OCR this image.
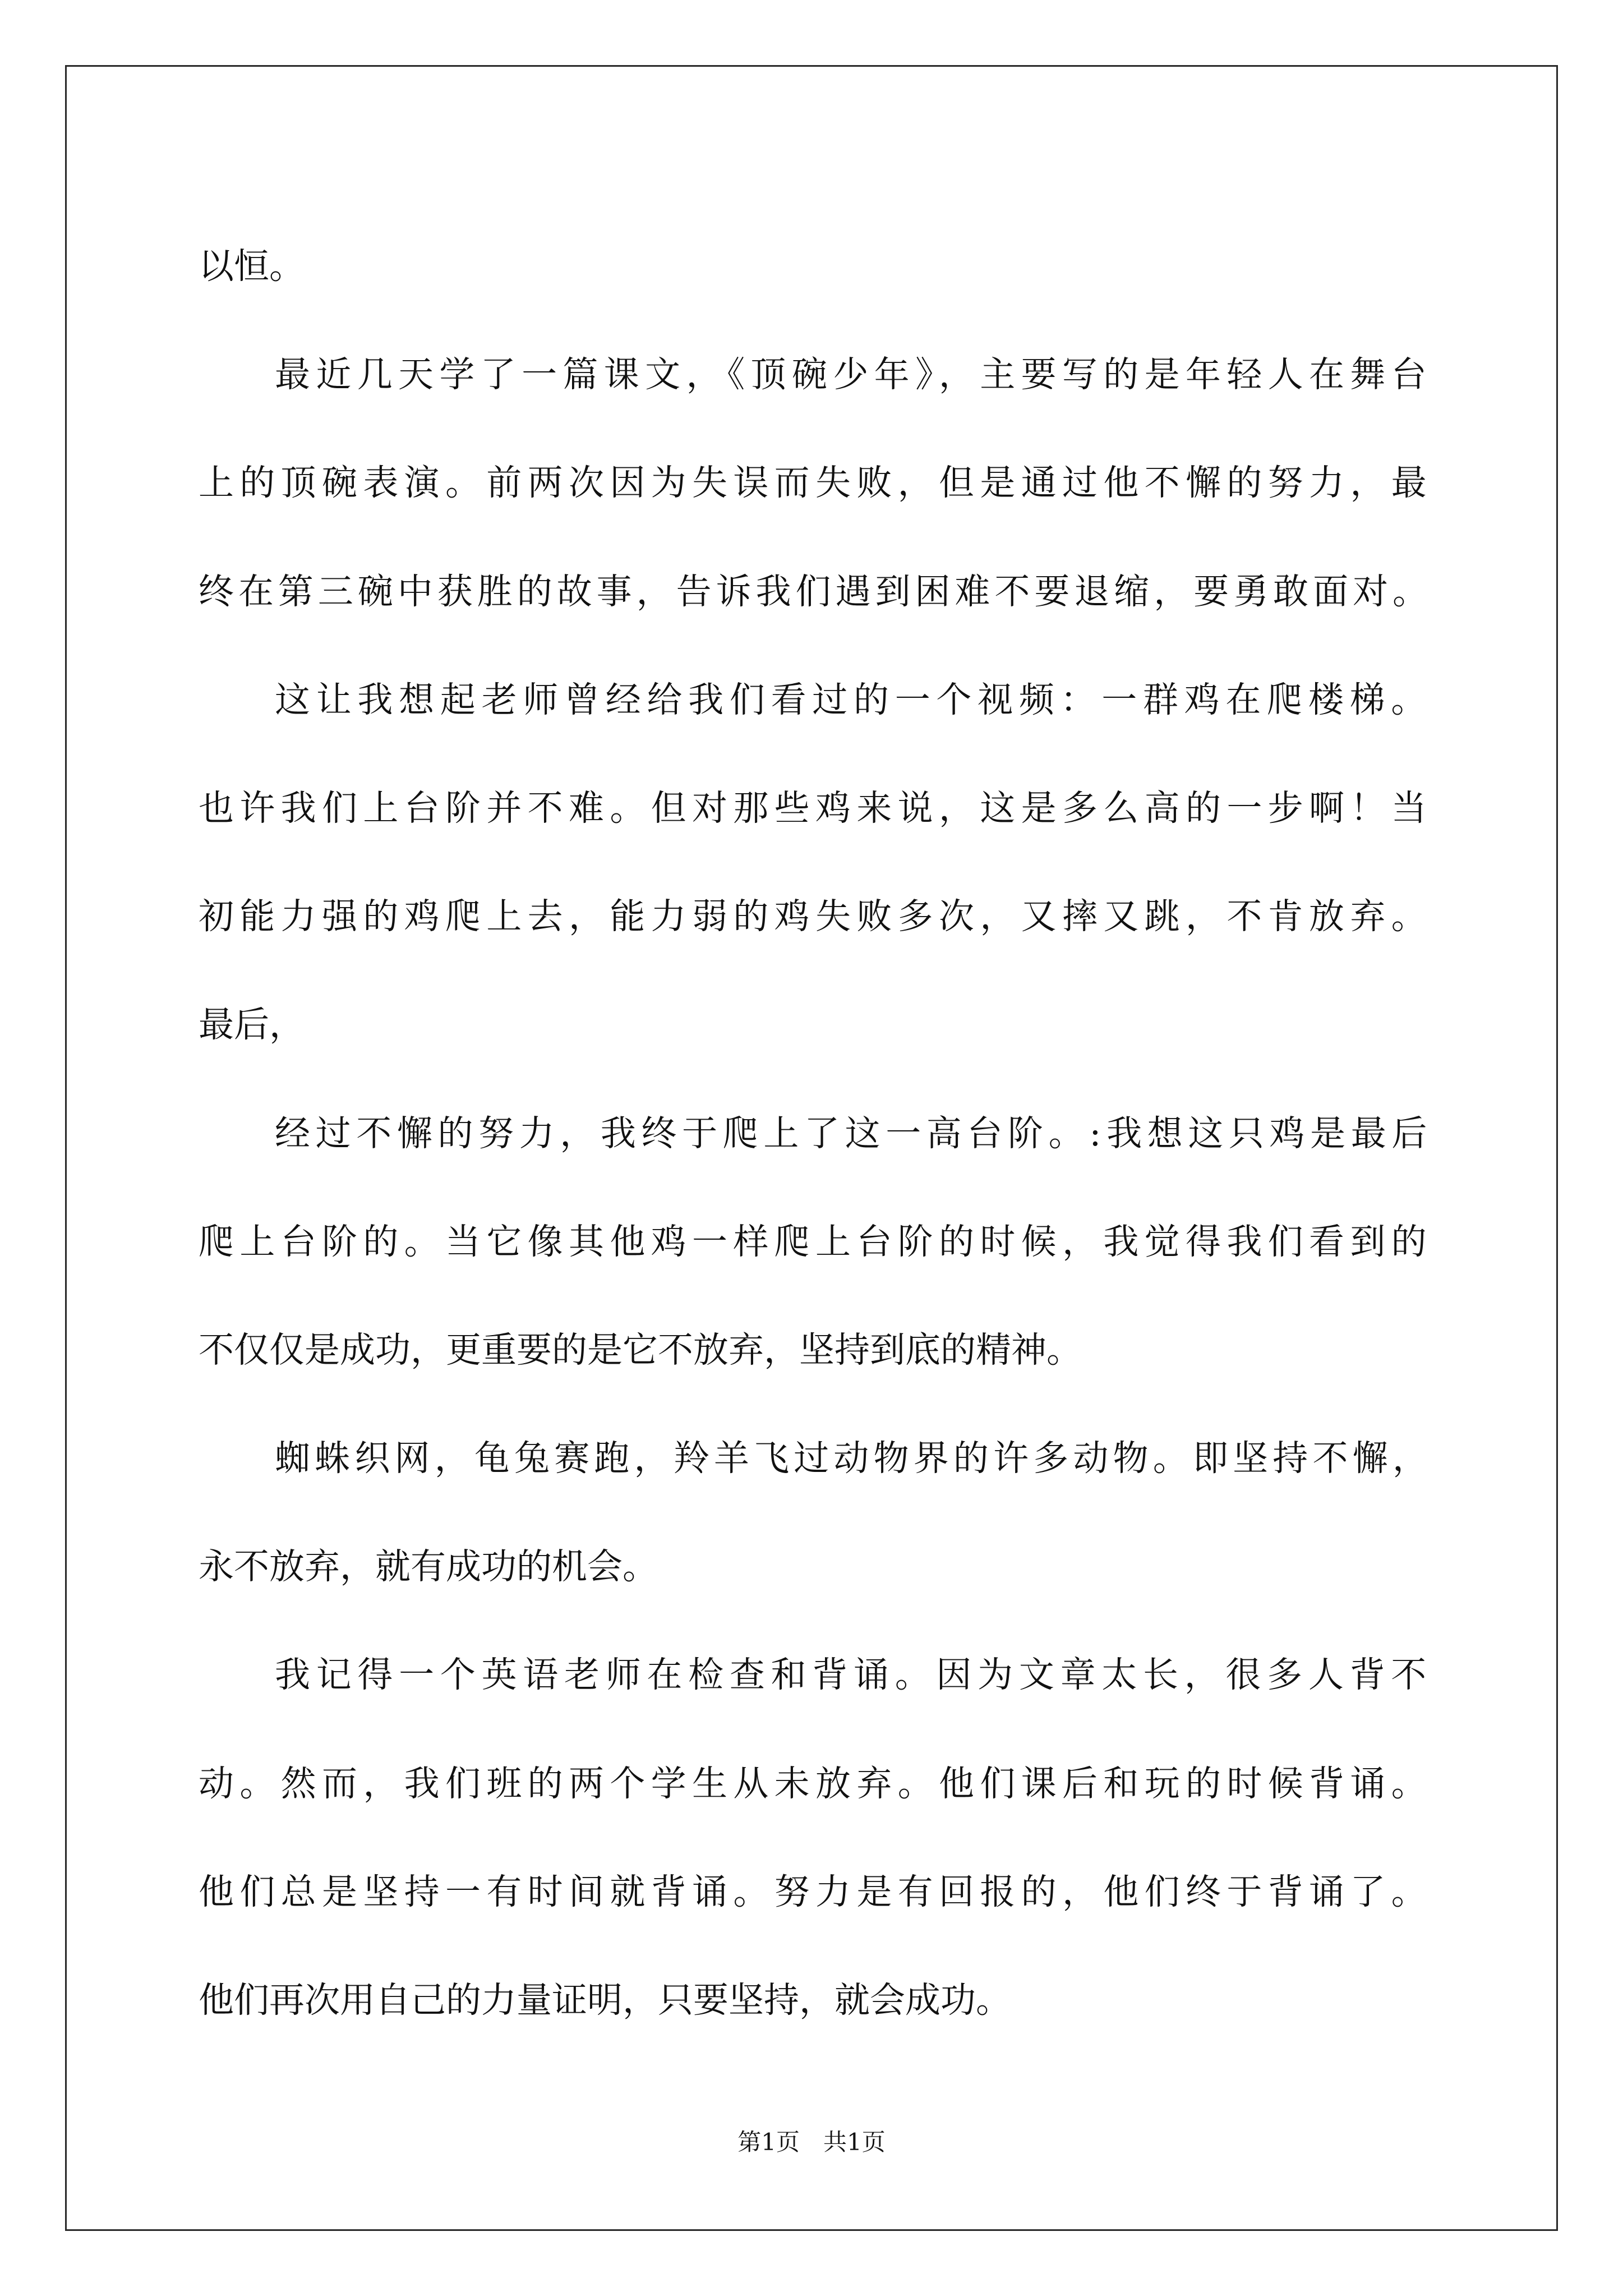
以恒。
最近几天学了一篇课文，《顶碗少年》，主要写的是年轻人在舞台
上的顶碗表演。前两次因为失误而失败，但是通过他不懈的努力，最
终在第三碗中获胜的故事，告诉我们遇到困难不要退缩，要勇敢面对。
这让我想起老师曾经给我们看过的一个视频：一群鸡在爬楼梯。
也许我们上台阶并不难。但对那些鸡来说，这是多么高的一步啊！当
初能力强的鸡爬上去，能力弱的鸡失败多次，又摔又跳，不肯放弃。
最后，
经过不懈的努力，我终于爬上了这一高台阶。:我想这只鸡是最后
爬上台阶的。当它像其他鸡一样爬上台阶的时候，我觉得我们看到的
不仅仅是成功，更重要的是它不放弃，坚持到底的精神。
蜘蛛织网，龟兔赛跑，羚羊飞过动物界的许多动物。即坚持不懈，
永不放弃，就有成功的机会。
我记得一个英语老师在检查和背诵。因为文章太长，很多人背不
动。然而，我们班的两个学生从未放弃。他们课后和玩的时候背诵。
他们总是坚持一有时间就背诵。努力是有回报的，他们终于背诵了。
他们再次用自己的力量证明，只要坚持，就会成功。
第1页　共1页
